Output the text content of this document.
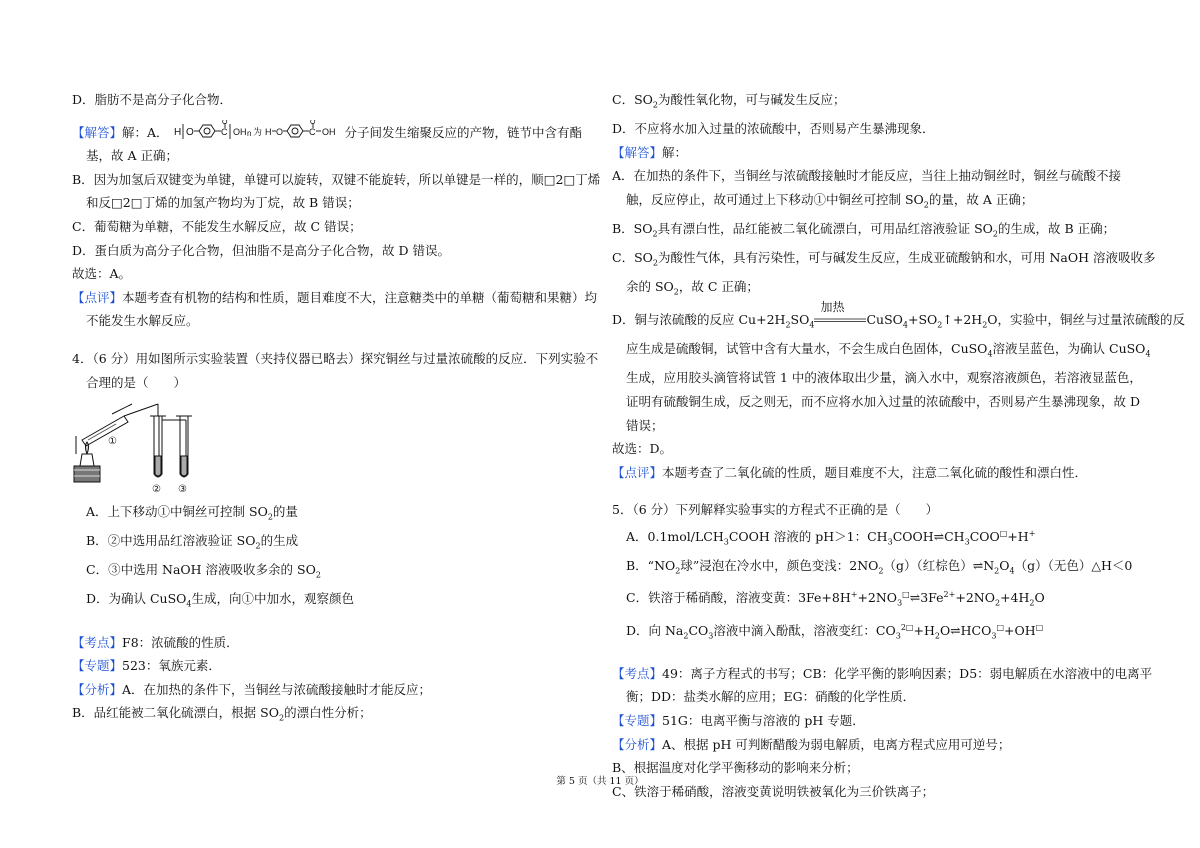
D．脂肪不是高分子化合物．
【解答】解：A． H O	C
O
OH n 为 H O	C
O
OH 分子间发生缩聚反应的产物，链节中含有酯
基，故 A 正确；
B．因为加氢后双键变为单键，单键可以旋转，双键不能旋转，所以单键是一样的，顺□2□丁烯
和反□2□丁烯的加氢产物均为丁烷，故 B 错误；
C．葡萄糖为单糖，不能发生水解反应，故 C 错误；
D．蛋白质为高分子化合物，但油脂不是高分子化合物，故 D 错误。
故选：A。
【点评】本题考查有机物的结构和性质，题目难度不大，注意糖类中的单糖（葡萄糖和果糖）均
不能发生水解反应。
4．（6 分）用如图所示实验装置（夹持仪器已略去）探究铜丝与过量浓硫酸的反应．下列实验不
合理的是（　　）
①
② ③
A．上下移动①中铜丝可控制 $SO_2$的量
B．②中选用品红溶液验证 $SO_2$的生成
C．③中选用 NaOH 溶液吸收多余的 $SO_2$
D．为确认 CuSO$_4$生成，向①中加水，观察颜色
【考点】F8：浓硫酸的性质．
【专题】523：氧族元素．
【分析】A．在加热的条件下，当铜丝与浓硫酸接触时才能反应；
B．品红能被二氧化硫漂白，根据 $SO_2$的漂白性分析；
C．$SO_2$为酸性氧化物，可与碱发生反应；
D．不应将水加入过量的浓硫酸中，否则易产生暴沸现象．
【解答】解：
A．在加热的条件下，当铜丝与浓硫酸接触时才能反应，当往上抽动铜丝时，铜丝与硫酸不接
触，反应停止，故可通过上下移动①中铜丝可控制 $SO_2$的量，故 A 正确；
B．$SO_2$具有漂白性，品红能被二氧化硫漂白，可用品红溶液验证 $SO_2$的生成，故 B 正确；
C．$SO_2$为酸性气体，具有污染性，可与碱发生反应，生成亚硫酸钠和水，可用 NaOH 溶液吸收多
余的 $SO_2$，故 C 正确；
D．铜与浓硫酸的反应 $Cu+2H_2SO_4$
加热
$CuSO_4+SO_2↑+2H_2O$，实验中，铜丝与过量浓硫酸的反
应生成是硫酸铜，试管中含有大量水，不会生成白色固体，CuSO$_4$溶液呈蓝色，为确认 CuSO$_4$
生成，应用胶头滴管将试管 1 中的液体取出少量，滴入水中，观察溶液颜色，若溶液显蓝色，
证明有硫酸铜生成，反之则无，而不应将水加入过量的浓硫酸中，否则易产生暴沸现象，故 D
错误；
故选：D。
【点评】本题考查了二氧化硫的性质，题目难度不大，注意二氧化硫的酸性和漂白性．
5．（6 分）下列解释实验事实的方程式不正确的是（　　）
A．$0.1mol/LCH_3COOH$ 溶液的 pH＞1：$CH_3COOH\rightleftharpoons CH_3COO^□+H^+$
B．“$NO_2$球”浸泡在冷水中，颜色变浅：$2NO_2(g)$（红棕色）$\rightleftharpoons N_2O_4(g)$（无色）△H＜0
C．铁溶于稀硝酸，溶液变黄：$3Fe+8H^++2NO_3^□\rightleftharpoons 3Fe^{2+}+2NO_2+4H_2O$
D．向 $Na_2CO_3$溶液中滴入酚酞，溶液变红：$CO_3^{2□}+H_2O\rightleftharpoons HCO_3^□+OH^□$
【考点】49：离子方程式的书写；CB：化学平衡的影响因素；D5：弱电解质在水溶液中的电离平
衡；DD：盐类水解的应用；EG：硝酸的化学性质．
【专题】51G：电离平衡与溶液的 pH 专题．
【分析】A、根据 pH 可判断醋酸为弱电解质，电离方程式应用可逆号；
B、根据温度对化学平衡移动的影响来分析；
C、铁溶于稀硝酸，溶液变黄说明铁被氧化为三价铁离子；
第 5 页（共 11 页）
